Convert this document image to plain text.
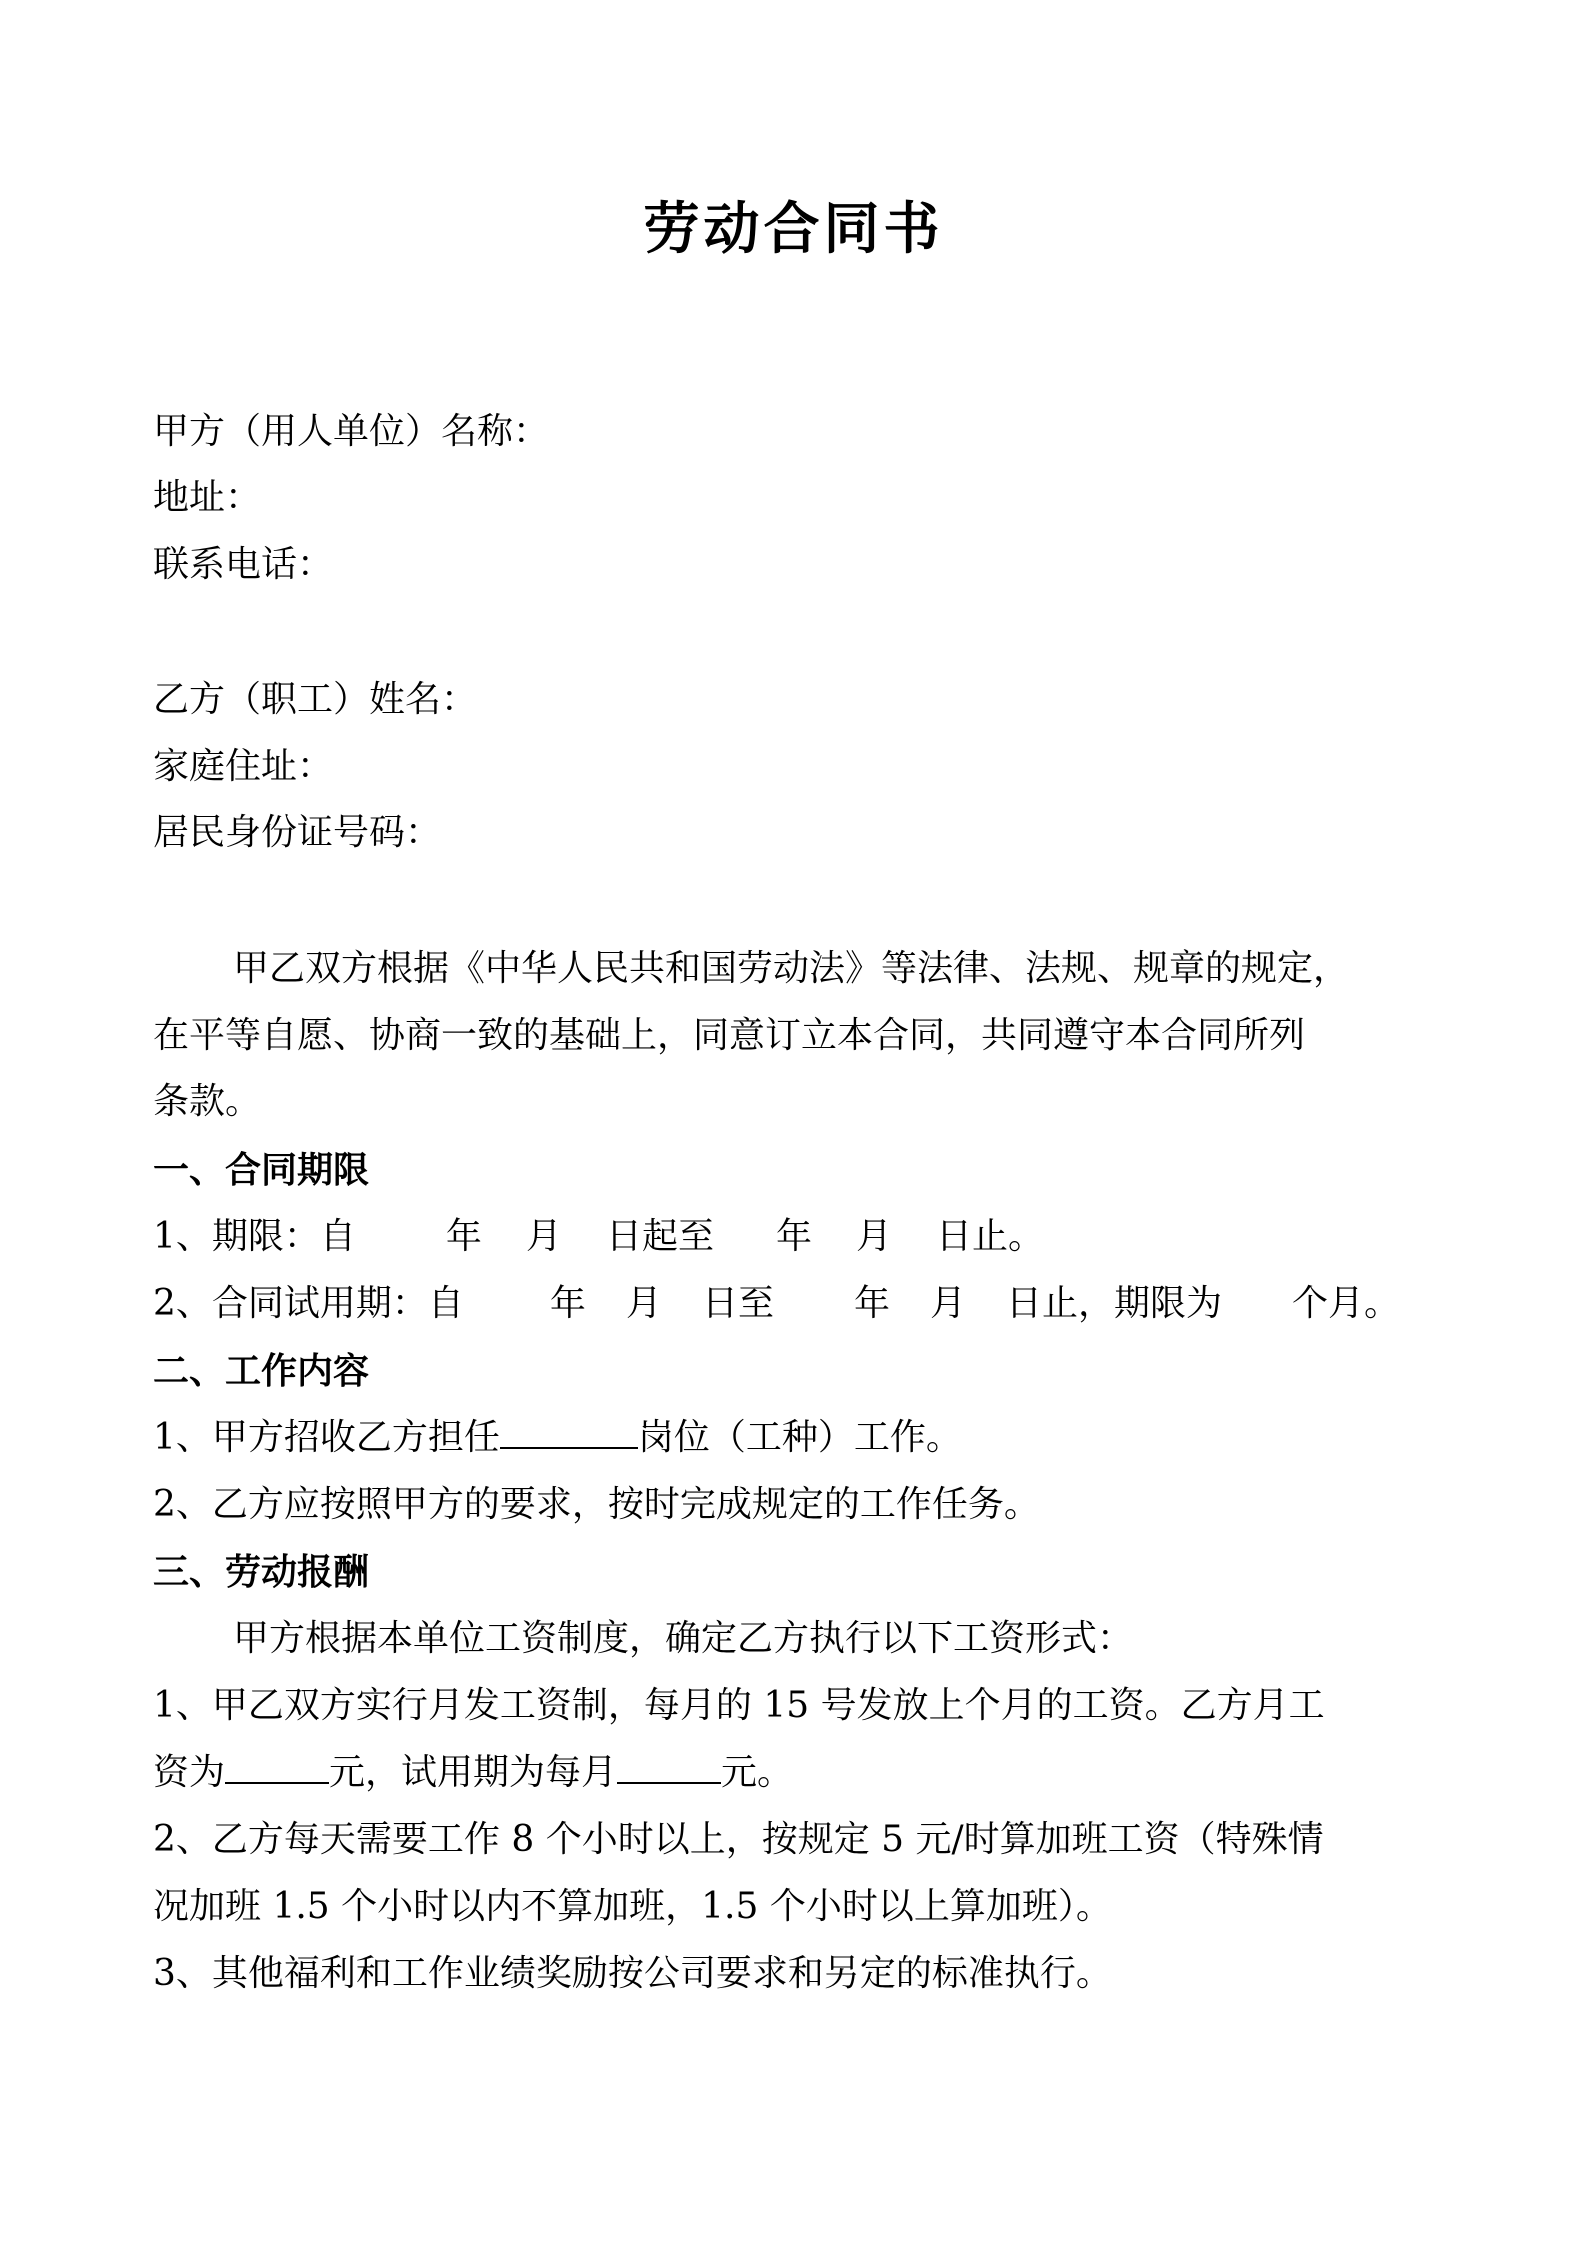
劳动合同书
甲方（用人单位）名称：
地址：
联系电话：
乙方（职工）姓名：
家庭住址：
居民身份证号码：
甲乙双方根据《中华人民共和国劳动法》等法律、法规、规章的规定，
在平等自愿、协商一致的基础上，同意订立本合同，共同遵守本合同所列
条款。
一、合同期限
1、期限：自	年 月 日起至 年 月 日止。
2、合同试用期：自 年 月 日至 年 月 日止，期限为 个月。
二、工作内容
1、甲方招收乙方担任	岗位（工种）工作。
2、乙方应按照甲方的要求，按时完成规定的工作任务。
三、劳动报酬
甲方根据本单位工资制度，确定乙方执行以下工资形式：
1、甲乙双方实行月发工资制，每月的 15 号发放上个月的工资。乙方月工
资为	元，试用期为每月	元。
2、乙方每天需要工作 8 个小时以上，按规定 5 元/时算加班工资（特殊情
况加班 1.5 个小时以内不算加班，1.5 个小时以上算加班）。
3、其他福利和工作业绩奖励按公司要求和另定的标准执行。
